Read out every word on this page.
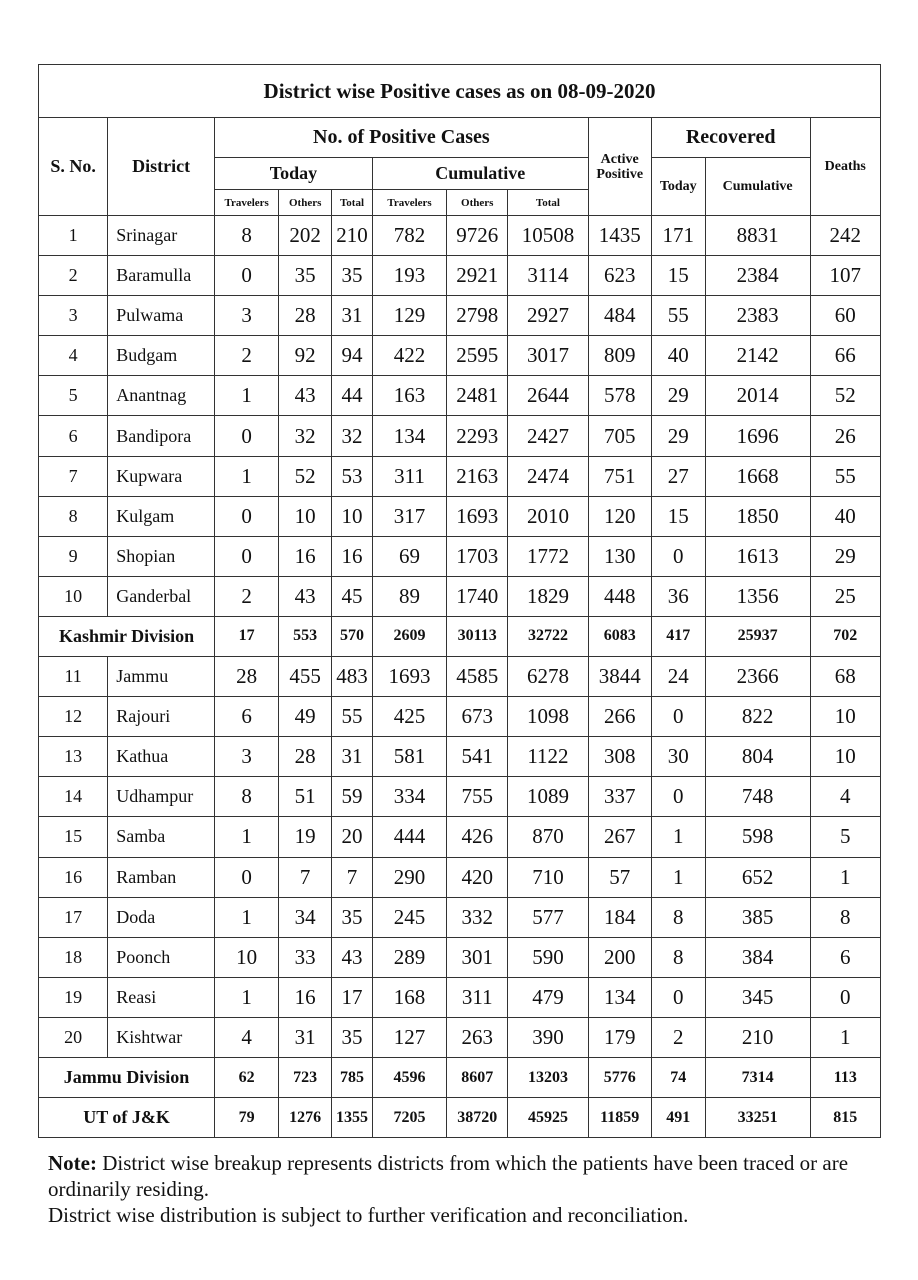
District wise Positive cases as on 08-09-2020											
S. No.	District	No. of Positive Cases						Active Positive	Recovered		Deaths
		Today			Cumulative				Today	Cumulative	
		Travelers	Others	Total	Travelers	Others	Total				
1	Srinagar	8	202	210	782	9726	10508	1435	171	8831	242
2	Baramulla	0	35	35	193	2921	3114	623	15	2384	107
3	Pulwama	3	28	31	129	2798	2927	484	55	2383	60
4	Budgam	2	92	94	422	2595	3017	809	40	2142	66
5	Anantnag	1	43	44	163	2481	2644	578	29	2014	52
6	Bandipora	0	32	32	134	2293	2427	705	29	1696	26
7	Kupwara	1	52	53	311	2163	2474	751	27	1668	55
8	Kulgam	0	10	10	317	1693	2010	120	15	1850	40
9	Shopian	0	16	16	69	1703	1772	130	0	1613	29
10	Ganderbal	2	43	45	89	1740	1829	448	36	1356	25
Kashmir Division		17	553	570	2609	30113	32722	6083	417	25937	702
11	Jammu	28	455	483	1693	4585	6278	3844	24	2366	68
12	Rajouri	6	49	55	425	673	1098	266	0	822	10
13	Kathua	3	28	31	581	541	1122	308	30	804	10
14	Udhampur	8	51	59	334	755	1089	337	0	748	4
15	Samba	1	19	20	444	426	870	267	1	598	5
16	Ramban	0	7	7	290	420	710	57	1	652	1
17	Doda	1	34	35	245	332	577	184	8	385	8
18	Poonch	10	33	43	289	301	590	200	8	384	6
19	Reasi	1	16	17	168	311	479	134	0	345	0
20	Kishtwar	4	31	35	127	263	390	179	2	210	1
Jammu Division		62	723	785	4596	8607	13203	5776	74	7314	113
UT of J&K		79	1276	1355	7205	38720	45925	11859	491	33251	815
Note: District wise breakup represents districts from which the patients have been traced or are ordinarily residing.
District wise distribution is subject to further verification and reconciliation.
